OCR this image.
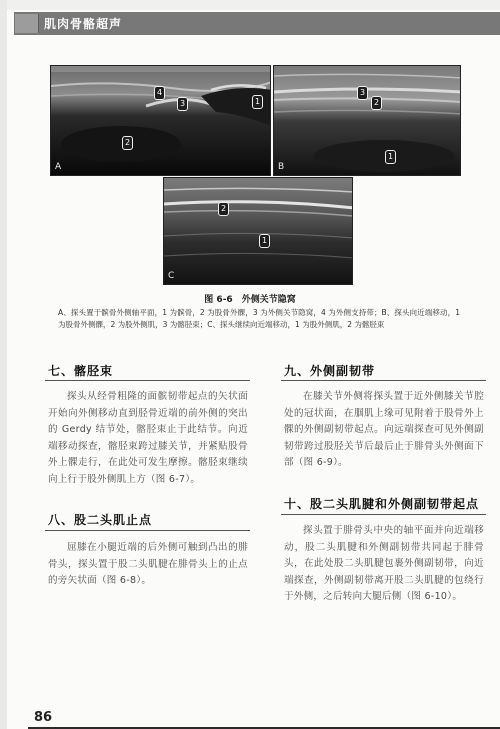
肌肉骨骼超声
4
3	1
2
A
3
2
1
B
2
1
C
图 6-6　外侧关节隐窝
A、探头置于髌骨外侧轴平面，1 为髌骨，2 为股骨外髁，3 为外侧关节隐窝，4 为外侧支持带；B、探头向近端移动，1 为股骨外侧髁，2 为股外侧肌，3 为髂胫束；C、探头继续向近端移动，1 为股外侧肌，2 为髂胫束
七、髂胫束
探头从经骨粗隆的面髌韧带起点的矢状面开始向外侧移动直到胫骨近端的前外侧的突出的 Gerdy 结节处，髂胫束止于此结节。向近端移动探查，髂胫束跨过膝关节，并紧贴股骨外上髁走行，在此处可发生摩擦。髂胫束继续向上行于股外侧肌上方（图 6-7）。
八、股二头肌止点
屈膝在小腿近端的后外侧可触到凸出的腓骨头，探头置于股二头肌腱在腓骨头上的止点的旁矢状面（图 6-8）。
九、外侧副韧带
在膝关节外侧将探头置于近外侧膝关节腔处的冠状面，在腘肌上缘可见附着于股骨外上髁的外侧副韧带起点。向远端探查可见外侧副韧带跨过股胫关节后最后止于腓骨头外侧面下部（图 6-9）。
十、股二头肌腱和外侧副韧带起点
探头置于腓骨头中央的轴平面并向近端移动，股二头肌腱和外侧副韧带共同起于腓骨头，在此处股二头肌腱包裹外侧副韧带，向近端探查，外侧副韧带离开股二头肌腱的包绕行于外侧，之后转向大腿后侧（图 6-10）。
86
